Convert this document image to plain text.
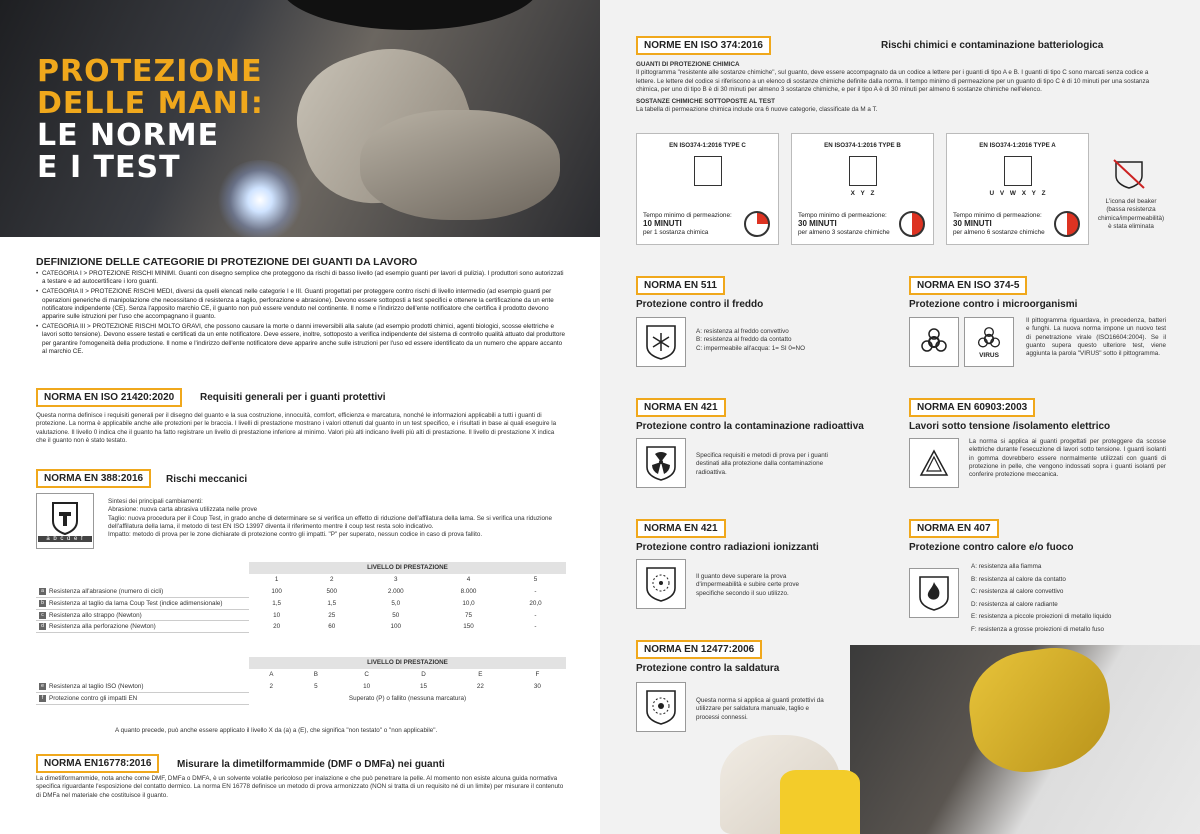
PROTEZIONE
DELLE MANI:
LE NORME
E I TEST
DEFINIZIONE DELLE CATEGORIE DI PROTEZIONE DEI GUANTI DA LAVORO
• CATEGORIA I > PROTEZIONE RISCHI MINIMI. Guanti con disegno semplice che proteggono da rischi di basso livello (ad esempio guanti per lavori di pulizia). I produttori sono autorizzati a testare e ad autocertificare i loro guanti.
• CATEGORIA II > PROTEZIONE RISCHI MEDI, diversi da quelli elencati nelle categorie I e III. Guanti progettati per proteggere contro rischi di livello intermedio (ad esempio guanti per operazioni generiche di manipolazione che necessitano di resistenza a taglio, perforazione e abrasione). Devono essere sottoposti a test specifici e ottenere la certificazione da un ente notificatore indipendente (CE). Senza l'apposito marchio CE, il guanto non può essere venduto nel continente. Il nome e l'indirizzo dell'ente notificatore che certifica il prodotto devono apparire sulle istruzioni per l'uso che accompagnano il guanto.
• CATEGORIA III > PROTEZIONE RISCHI MOLTO GRAVI, che possono causare la morte o danni irreversibili alla salute (ad esempio prodotti chimici, agenti biologici, scosse elettriche e lavori sotto tensione). Devono essere testati e certificati da un ente notificatore. Deve essere, inoltre, sottoposto a verifica indipendente del sistema di controllo qualità attuato dal produttore per garantire l'omogeneità della produzione. Il nome e l'indirizzo dell'ente notificatore deve apparire anche sulle istruzioni per l'uso ed essere identificato da un numero che appare accanto al marchio CE.
NORMA EN ISO 21420:2020	Requisiti generali per i guanti protettivi
Questa norma definisce i requisiti generali per il disegno del guanto e la sua costruzione, innocuità, comfort, efficienza e marcatura, nonché le informazioni applicabili a tutti i guanti di protezione. La norma è applicabile anche alle protezioni per le braccia. I livelli di prestazione mostrano i valori ottenuti dal guanto in un test specifico, e i risultati in base ai quali eseguire la valutazione. Il livello 0 indica che il guanto ha fatto registrare un livello di prestazione inferiore al minimo. Valori più alti indicano livelli più alti di prestazione. Il livello di prestazione X indica che il guanto non è stato testato.
NORMA EN 388:2016	Rischi meccanici
a b c d e f
Sintesi dei principali cambiamenti:
Abrasione: nuova carta abrasiva utilizzata nelle prove
Taglio: nuova procedura per il Coup Test, in grado anche di determinare se si verifica un effetto di riduzione dell'affilatura della lama. Se si verifica una riduzione dell'affilatura della lama, il metodo di test EN ISO 13997 diventa il riferimento mentre il coup test resta solo indicativo.
Impatto: metodo di prova per le zone dichiarate di protezione contro gli impatti. "P" per superato, nessun codice in caso di prova fallito.
	LIVELLO DI PRESTAZIONE				
	1	2	3	4	5
a Resistenza all'abrasione (numero di cicli)	100	500	2.000	8.000	-
b Resistenza al taglio da lama Coup Test (indice adimensionale)	1,5	1,5	5,0	10,0	20,0
c Resistenza allo strappo (Newton)	10	25	50	75	-
d Resistenza alla perforazione (Newton)	20	60	100	150	-
	LIVELLO DI PRESTAZIONE					
	A	B	C	D	E	F
e Resistenza al taglio ISO (Newton)	2	5	10	15	22	30
f Protezione contro gli impatti EN	Superato (P) o fallito (nessuna marcatura)					
A quanto precede, può anche essere applicato il livello X da (a) a (E), che significa "non testato" o "non applicabile".
NORMA EN16778:2016	Misurare la dimetilformammide (DMF o DMFa) nei guanti
La dimetilformammide, nota anche come DMF, DMFa o DMFA, è un solvente volatile pericoloso per inalazione e che può penetrare la pelle. Al momento non esiste alcuna guida normativa specifica riguardante l'esposizione del contatto dermico. La norma EN 16778 definisce un metodo di prova armonizzato (NON si tratta di un requisito né di un limite) per misurare il contenuto di DMFa nel materiale che costituisce il guanto.
NORME EN ISO 374:2016	Rischi chimici e contaminazione batteriologica
GUANTI DI PROTEZIONE CHIMICA
Il pittogramma "resistente alle sostanze chimiche", sul guanto, deve essere accompagnato da un codice a lettere per i guanti di tipo A e B. I guanti di tipo C sono marcati senza codice a lettere. Le lettere del codice si riferiscono a un elenco di sostanze chimiche definite dalla norma. Il tempo minimo di permeazione per un guanto di tipo C è di 10 minuti per una sostanza chimica, per uno di tipo B è di 30 minuti per almeno 3 sostanze chimiche, e per il tipo A è di 30 minuti per almeno 6 sostanze chimiche nell'elenco.
SOSTANZE CHIMICHE SOTTOPOSTE AL TEST
La tabella di permeazione chimica include ora 6 nuove categorie, classificate da M a T.
EN ISO374-1:2016 TYPE C
Tempo minimo di permeazione:
10 MINUTI
per 1 sostanza chimica
EN ISO374-1:2016 TYPE B
X Y Z
Tempo minimo di permeazione:
30 MINUTI
per almeno 3 sostanze chimiche
EN ISO374-1:2016 TYPE A
U V W X Y Z
Tempo minimo di permeazione:
30 MINUTI
per almeno 6 sostanze chimiche
L'icona del beaker (bassa resistenza chimica/impermeabilità) è stata eliminata
NORMA EN 511
Protezione contro il freddo
A: resistenza al freddo convettivo
B: resistenza al freddo da contatto
C: impermeabile all'acqua: 1= SI 0=NO
NORMA EN ISO 374-5
Protezione contro i microorganismi
VIRUS
Il pittogramma riguardava, in precedenza, batteri e funghi. La nuova norma impone un nuovo test di penetrazione virale (ISO16604:2004). Se il guanto supera questo ulteriore test, viene aggiunta la parola "VIRUS" sotto il pittogramma.
NORMA EN 421
Protezione contro la contaminazione radioattiva
Specifica requisiti e metodi di prova per i guanti destinati alla protezione dalla contaminazione radioattiva.
NORMA EN 60903:2003
Lavori sotto tensione /isolamento elettrico
La norma si applica ai guanti progettati per proteggere da scosse elettriche durante l'esecuzione di lavori sotto tensione. I guanti isolanti in gomma dovrebbero essere normalmente utilizzati con guanti di protezione in pelle, che vengono indossati sopra i guanti isolanti per conferire protezione meccanica.
NORMA EN 421
Protezione contro radiazioni ionizzanti
Il guanto deve superare la prova d'impermeabilità e subire certe prove specifiche secondo il suo utilizzo.
NORMA EN 407
Protezione contro calore e/o fuoco
A: resistenza alla fiamma
B: resistenza al calore da contatto
C: resistenza al calore convettivo
D: resistenza al calore radiante
E: resistenza a piccole proiezioni di metallo liquido
F: resistenza a grosse proiezioni di metallo fuso
NORMA EN 12477:2006
Protezione contro la saldatura
Questa norma si applica ai guanti protettivi da utilizzare per saldatura manuale, taglio e processi connessi.
